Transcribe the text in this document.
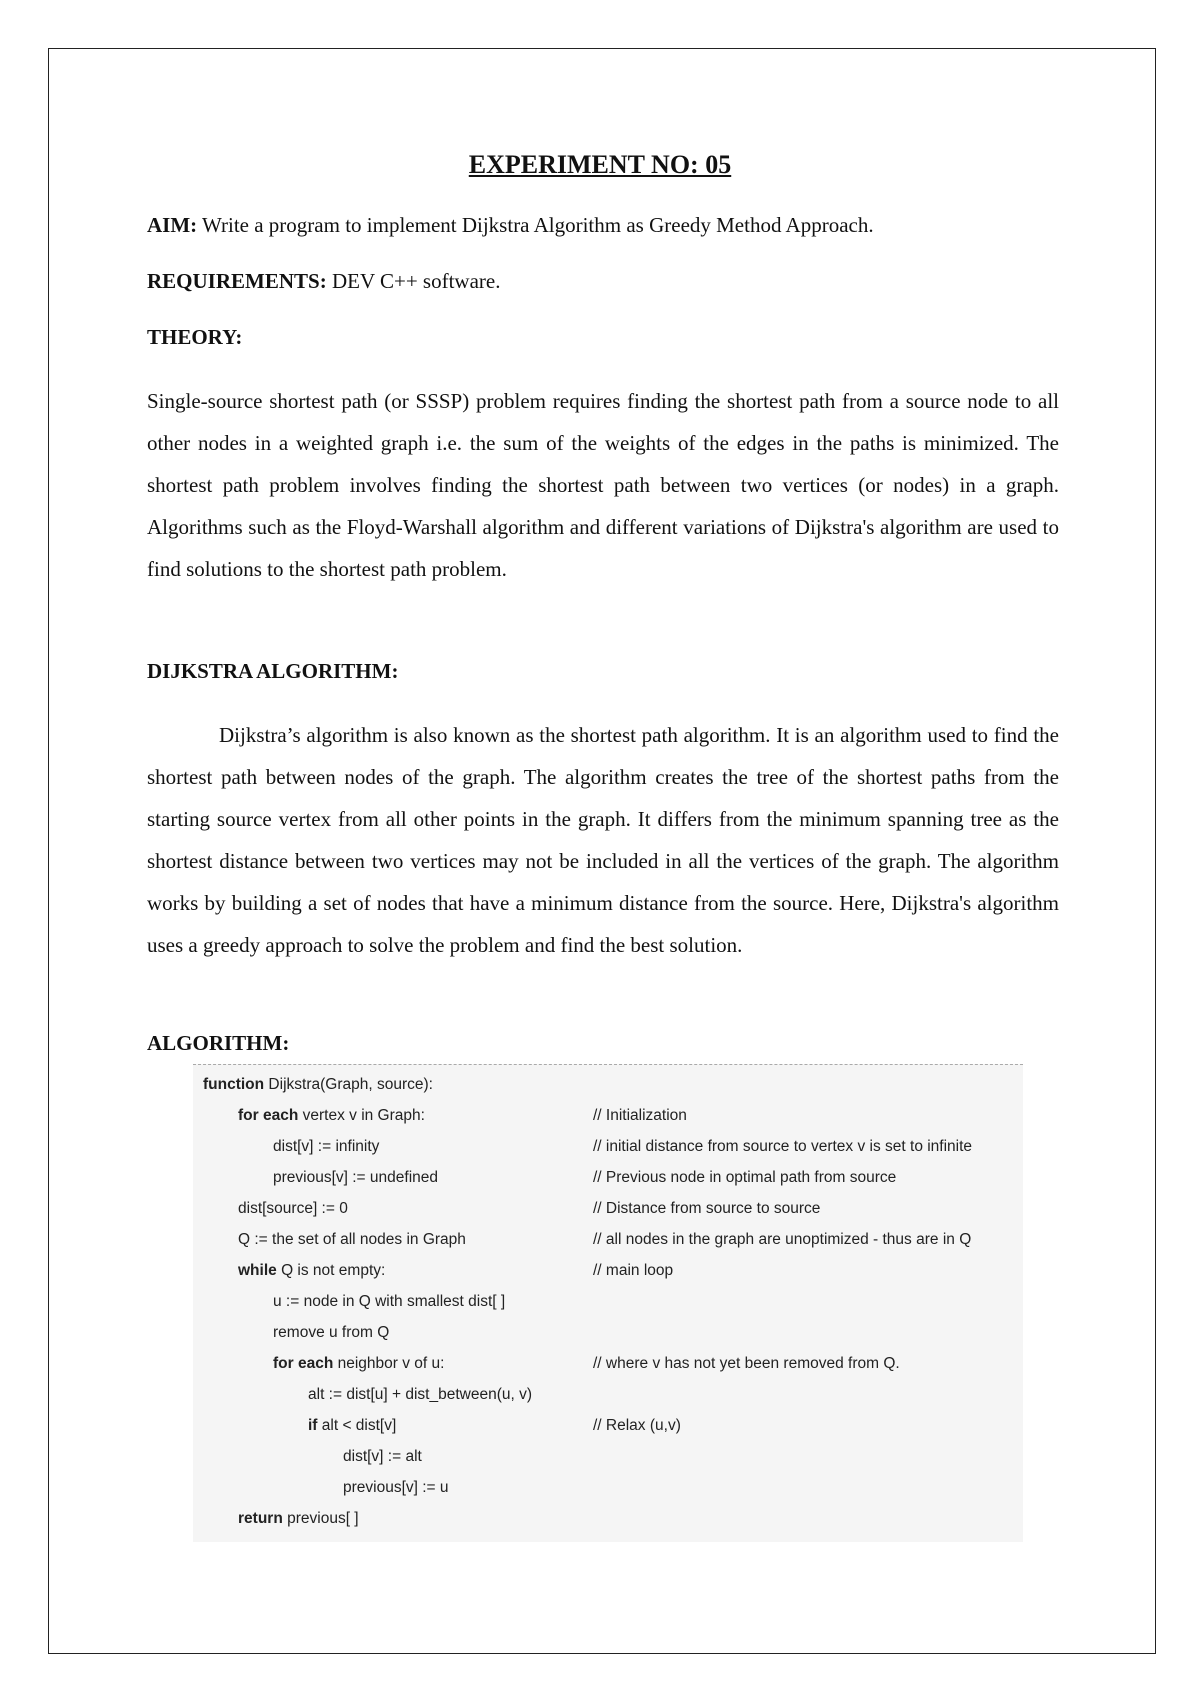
EXPERIMENT NO: 05
AIM: Write a program to implement Dijkstra Algorithm as Greedy Method Approach.
REQUIREMENTS: DEV C++ software.
THEORY:

Single-source shortest path (or SSSP) problem requires finding the shortest path from a source node to all other nodes in a weighted graph i.e. the sum of the weights of the edges in the paths is minimized. The shortest path problem involves finding the shortest path between two vertices (or nodes) in a graph. Algorithms such as the Floyd-Warshall algorithm and different variations of Dijkstra's algorithm are used to find solutions to the shortest path problem.

DIJKSTRA ALGORITHM:

Dijkstra’s algorithm is also known as the shortest path algorithm. It is an algorithm used to find the shortest path between nodes of the graph. The algorithm creates the tree of the shortest paths from the starting source vertex from all other points in the graph. It differs from the minimum spanning tree as the shortest distance between two vertices may not be included in all the vertices of the graph. The algorithm works by building a set of nodes that have a minimum distance from the source. Here, Dijkstra's algorithm uses a greedy approach to solve the problem and find the best solution.

ALGORITHM:
function Dijkstra(Graph, source):
for each vertex v in Graph:	// Initialization
dist[v] := infinity	// initial distance from source to vertex v is set to infinite
previous[v] := undefined	// Previous node in optimal path from source
dist[source] := 0	// Distance from source to source
Q := the set of all nodes in Graph	// all nodes in the graph are unoptimized - thus are in Q
while Q is not empty:	// main loop
u := node in Q with smallest dist[ ]
remove u from Q
for each neighbor v of u:	// where v has not yet been removed from Q.
alt := dist[u] + dist_between(u, v)
if alt < dist[v]	// Relax (u,v)
dist[v] := alt
previous[v] := u
return previous[ ]
